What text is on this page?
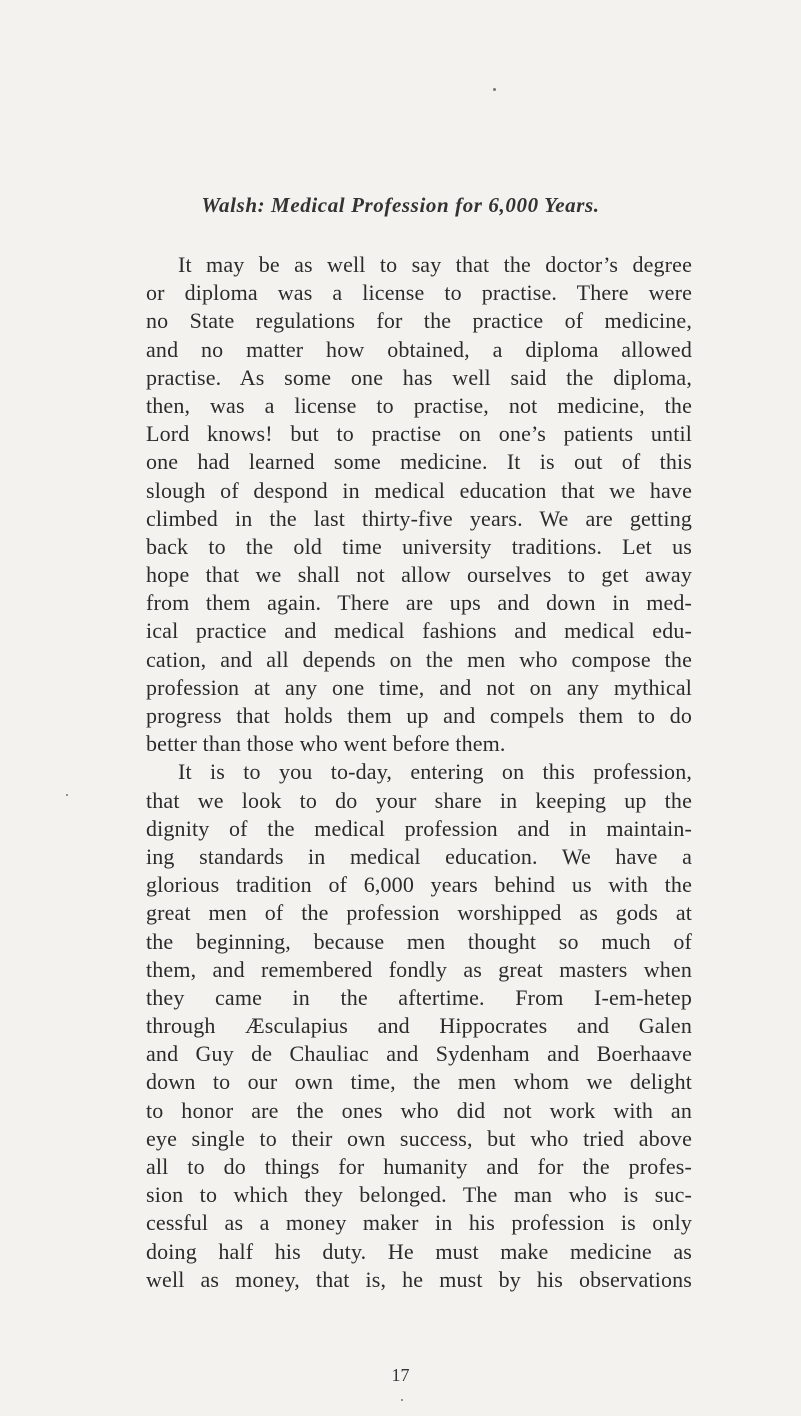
Walsh: Medical Profession for 6,000 Years.

It may be as well to say that the doctor’s degree
or diploma was a license to practise. There were
no State regulations for the practice of medicine,
and no matter how obtained, a diploma allowed
practise. As some one has well said the diploma,
then, was a license to practise, not medicine, the
Lord knows! but to practise on one’s patients until
one had learned some medicine. It is out of this
slough of despond in medical education that we have
climbed in the last thirty-five years. We are getting
back to the old time university traditions. Let us
hope that we shall not allow ourselves to get away
from them again. There are ups and down in med-
ical practice and medical fashions and medical edu-
cation, and all depends on the men who compose the
profession at any one time, and not on any mythical
progress that holds them up and compels them to do
better than those who went before them.

It is to you to-day, entering on this profession,
that we look to do your share in keeping up the
dignity of the medical profession and in maintain-
ing standards in medical education. We have a
glorious tradition of 6,000 years behind us with the
great men of the profession worshipped as gods at
the beginning, because men thought so much of
them, and remembered fondly as great masters when
they came in the aftertime. From I-em-hetep
through Æsculapius and Hippocrates and Galen
and Guy de Chauliac and Sydenham and Boerhaave
down to our own time, the men whom we delight
to honor are the ones who did not work with an
eye single to their own success, but who tried above
all to do things for humanity and for the profes-
sion to which they belonged. The man who is suc-
cessful as a money maker in his profession is only
doing half his duty. He must make medicine as
well as money, that is, he must by his observations

17
